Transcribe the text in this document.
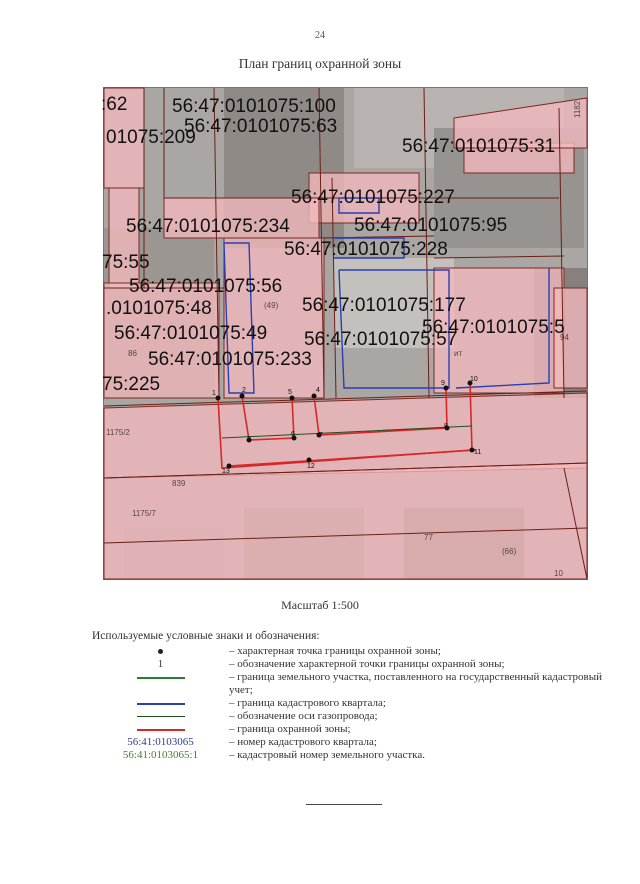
24
План границ охранной зоны
1	2
3
4
5
6	7
8
9
10
11
12
13
1175/2
839
1175/7
(49)
(66)
86
77
10
94
1182
ит
:62 56:47:0101075:100
56:47:0101075:63
01075:209	56:47:0101075:31
56:47:0101075:227
56:47:0101075:234	56:47:0101075:95
56:47:0101075:228
75:55
56:47:0101075:56
.0101075:48	56:47:0101075:177
56:47:0101075:49	56:47:0101075:5
56:47:0101075:57
56:47:0101075:233
75:225
Масштаб 1:500
Используемые условные знаки и обозначения:
– характерная точка границы охранной зоны;
1	– обозначение характерной точки границы охранной зоны;
– граница земельного участка, поставленного на государственный кадастровый учет;
– граница кадастрового квартала;
– обозначение оси газопровода;
– граница охранной зоны;
56:41:0103065	– номер кадастрового квартала;
56:41:0103065:1	– кадастровый номер земельного участка.
